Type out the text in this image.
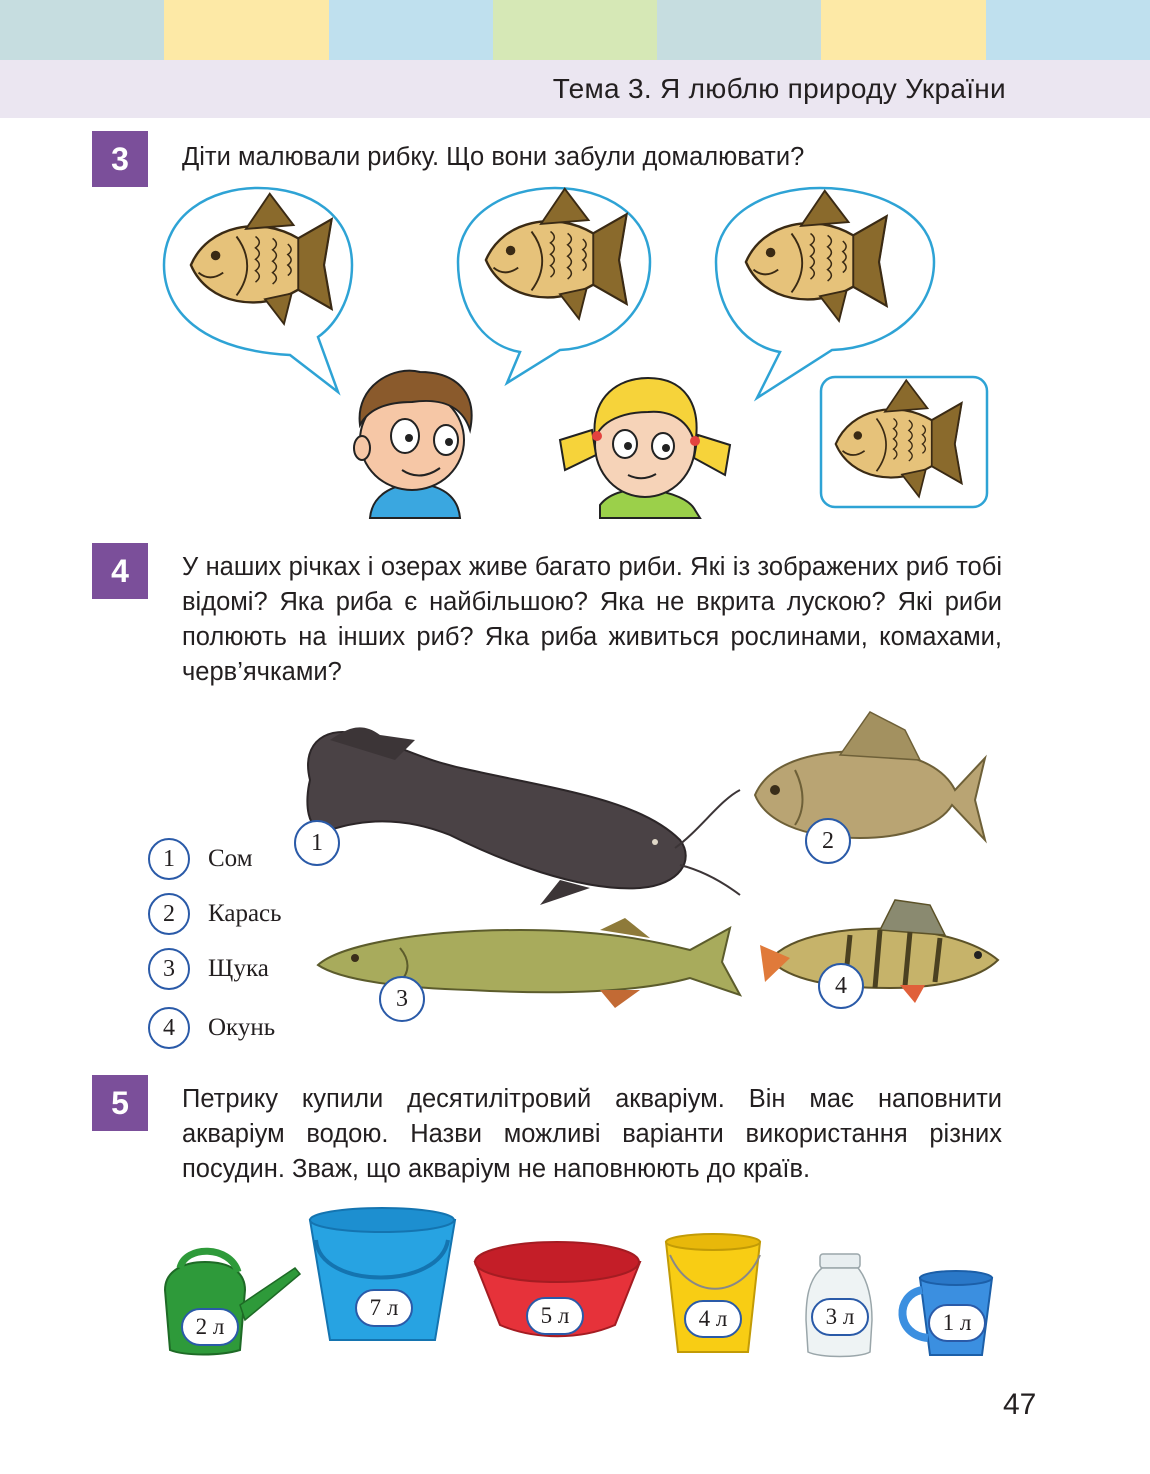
Тема 3. Я люблю природу України
3	Діти малювали рибку. Що вони забули домалювати?
4	У наших річках і озерах живе багато риби. Які із зображених риб тобі відомі? Яка риба є найбільшою? Яка не вкрита лускою? Які риби полюють на інших риб? Яка риба живиться рослинами, комахами, черв’ячками?
1	Сом
2	Карась
3	Щука
4	Окунь
1	2
3	4
5	Петрику купили десятилітровий акваріум. Він має наповнити акваріум водою. Назви можливі варіанти використання різних посудин. Зваж, що акваріум не наповнюють до країв.
2 л
7 л	5 л	4 л	3 л	1 л
47
